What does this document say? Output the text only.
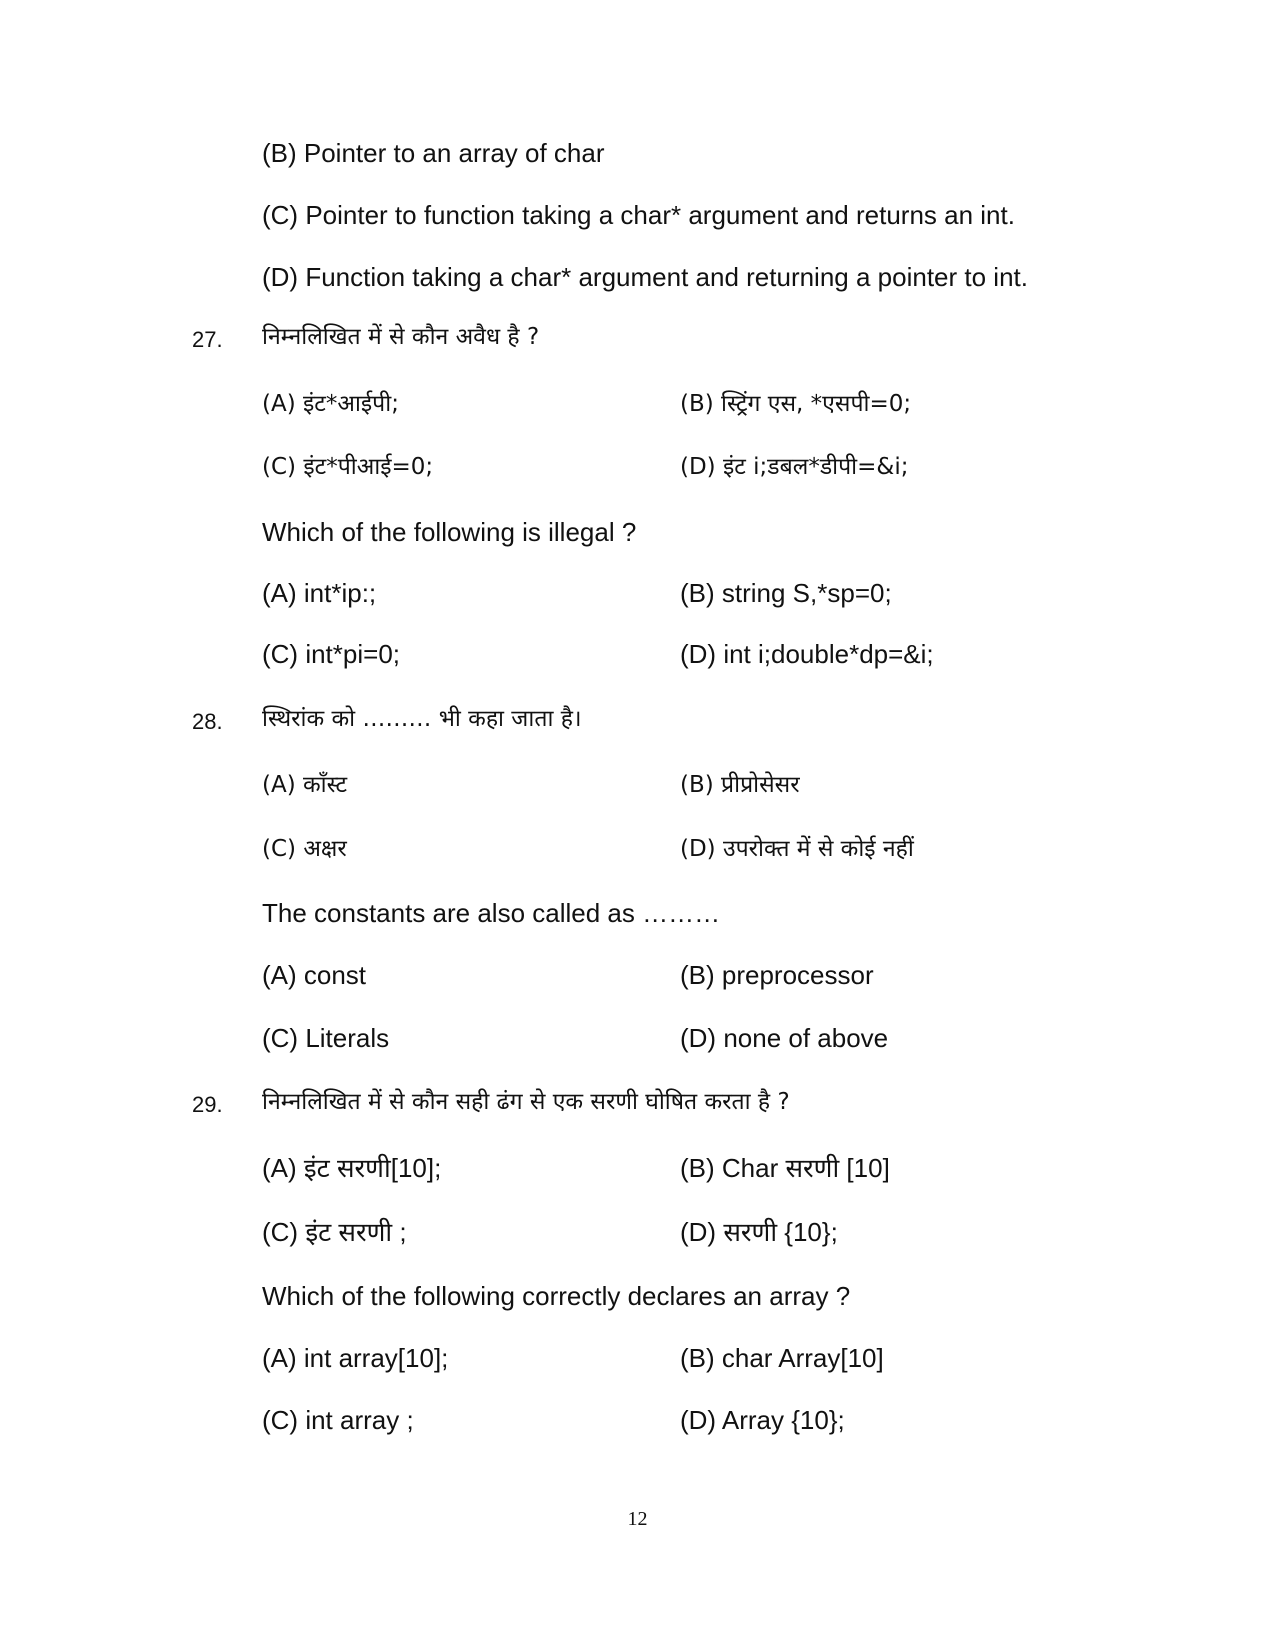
(B) Pointer to an array of char
(C) Pointer to function taking a char* argument and returns an int.
(D) Function taking a char* argument and returning a pointer to int.
27. निम्नलिखित में से कौन अवैध है ?
(A) इंट*आईपी;	(B) स्ट्रिंग एस, *एसपी=0;
(C) इंट*पीआई=0;	(D) इंट i;डबल*डीपी=&i;
Which of the following is illegal ?
(A) int*ip:;	(B) string S,*sp=0;
(C) int*pi=0;	(D) int i;double*dp=&i;
28. स्थिरांक को ……… भी कहा जाता है।
(A) कॉंस्ट	(B) प्रीप्रोसेसर
(C) अक्षर	(D) उपरोक्त में से कोई नहीं
The constants are also called as ………
(A) const	(B) preprocessor
(C) Literals	(D) none of above
29. निम्नलिखित में से कौन सही ढंग से एक सरणी घोषित करता है ?
(A) इंट सरणी[10];	(B) Char सरणी [10]
(C) इंट सरणी ;	(D) सरणी {10};
Which of the following correctly declares an array ?
(A) int array[10];	(B) char Array[10]
(C) int array ;	(D) Array {10};
12
